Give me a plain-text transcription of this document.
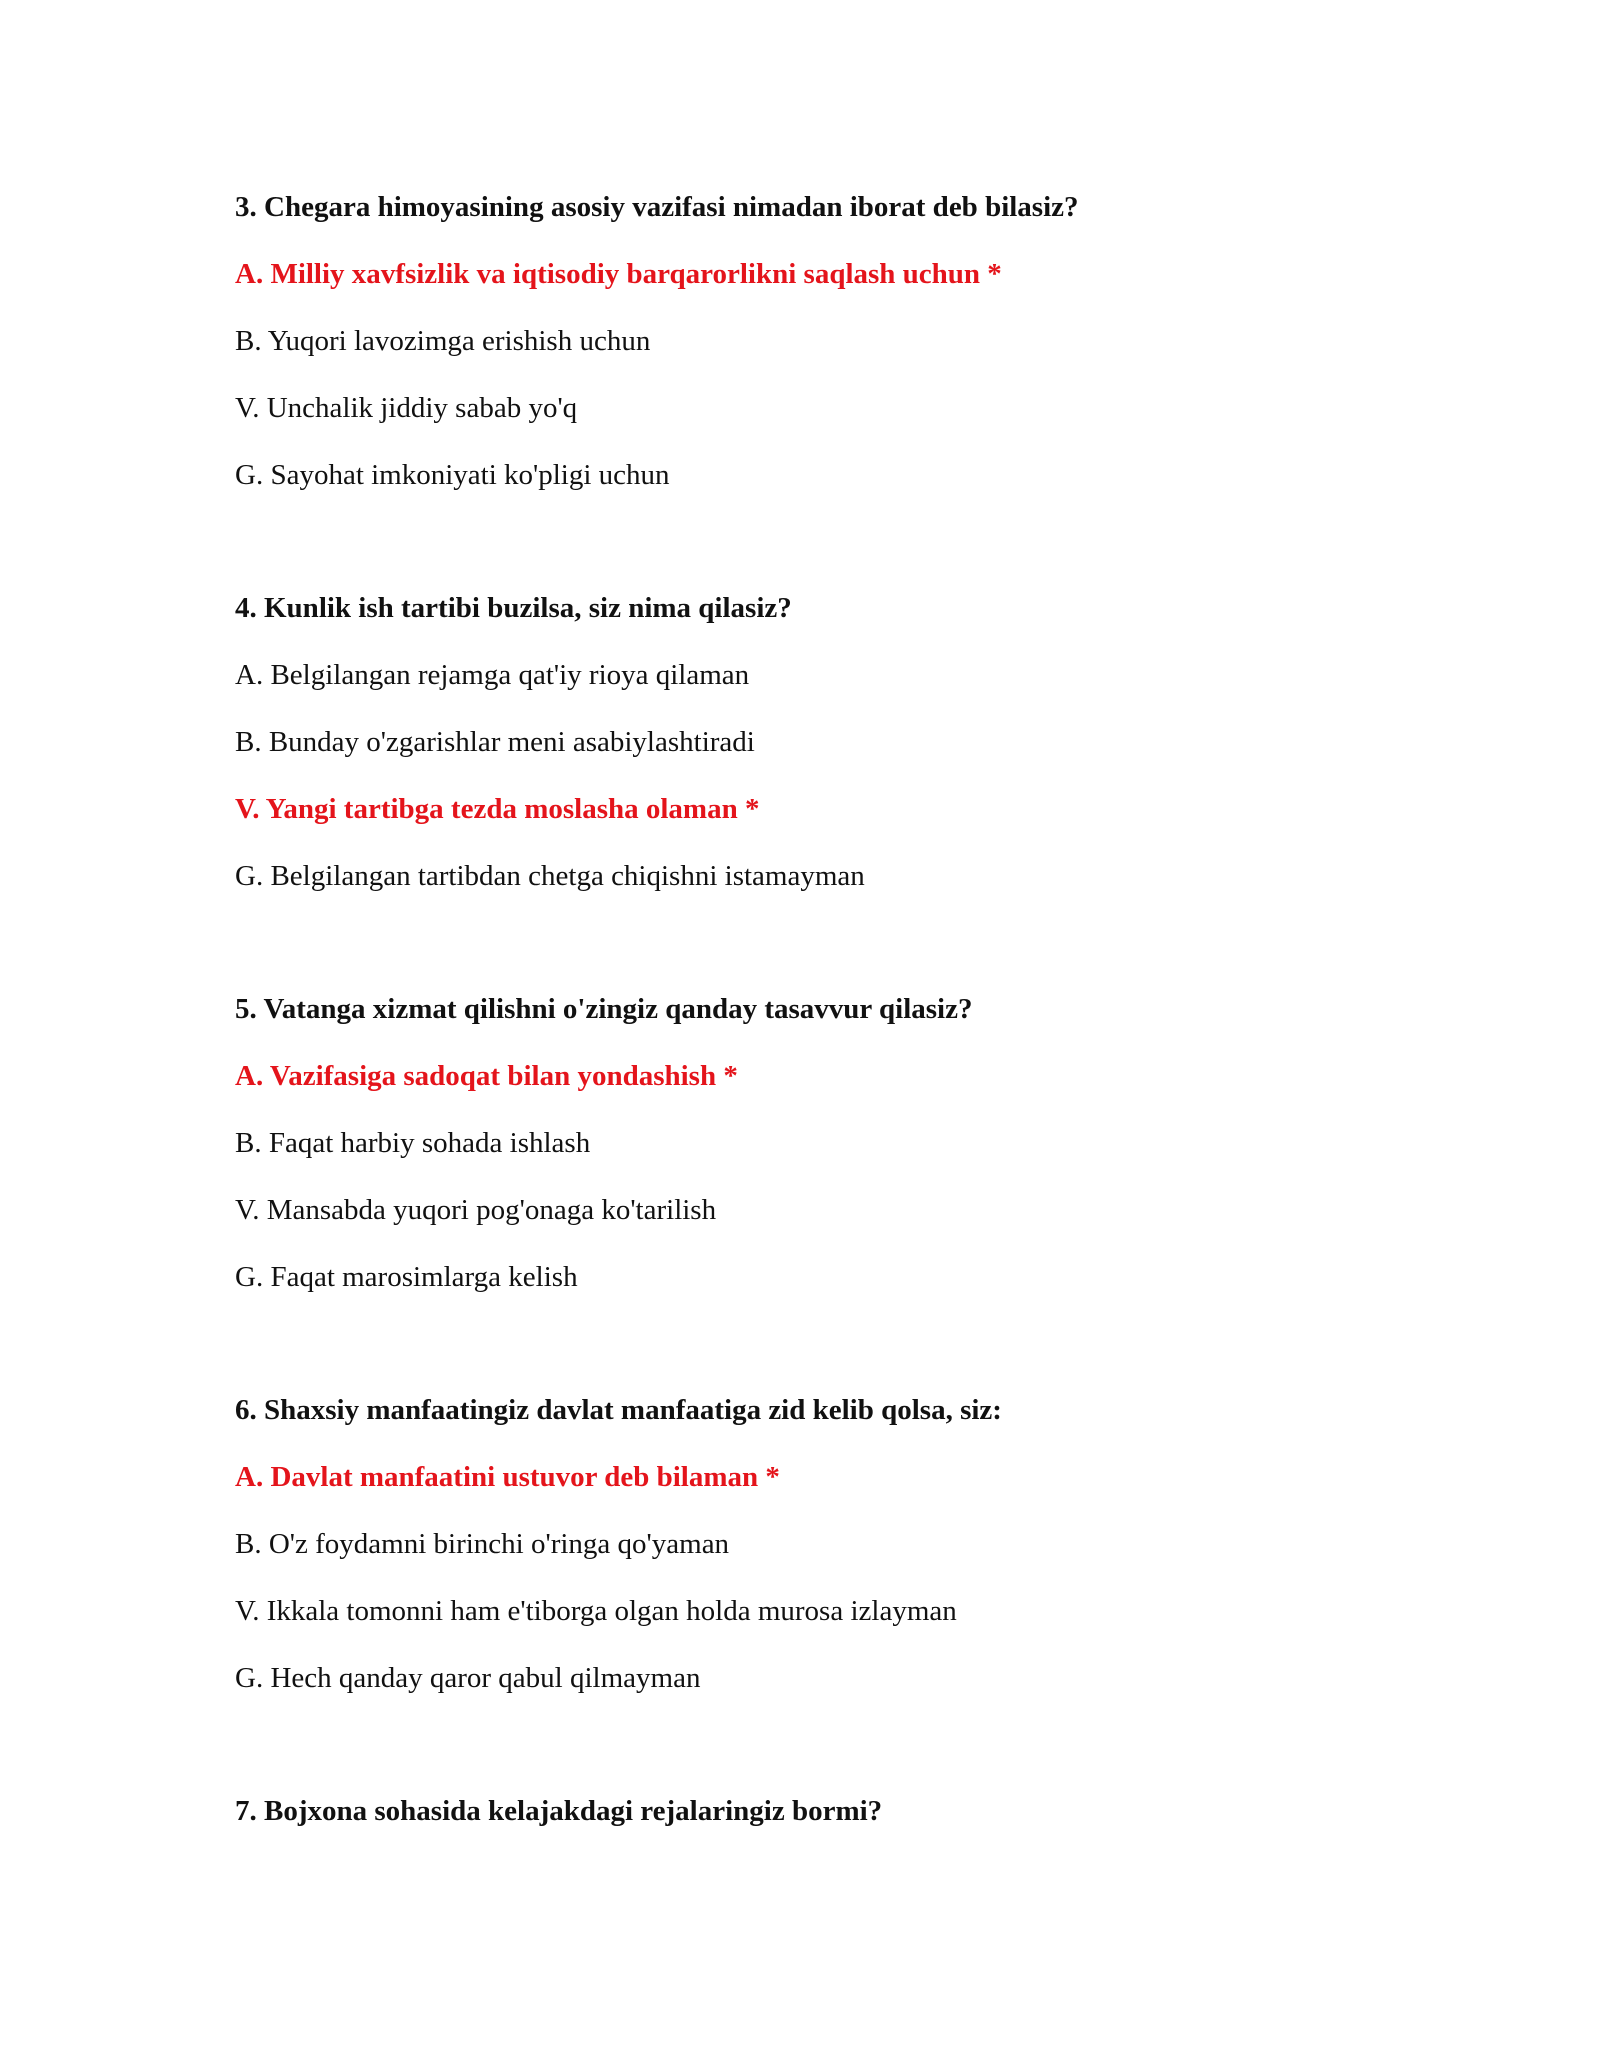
3. Chegara himoyasining asosiy vazifasi nimadan iborat deb bilasiz?

A. Milliy xavfsizlik va iqtisodiy barqarorlikni saqlash uchun *
B. Yuqori lavozimga erishish uchun
V. Unchalik jiddiy sabab yo'q
G. Sayohat imkoniyati ko'pligi uchun

4. Kunlik ish tartibi buzilsa, siz nima qilasiz?

A. Belgilangan rejamga qat'iy rioya qilaman
B. Bunday o'zgarishlar meni asabiylashtiradi
V. Yangi tartibga tezda moslasha olaman *
G. Belgilangan tartibdan chetga chiqishni istamayman

5. Vatanga xizmat qilishni o'zingiz qanday tasavvur qilasiz?

A. Vazifasiga sadoqat bilan yondashish *
B. Faqat harbiy sohada ishlash
V. Mansabda yuqori pog'onaga ko'tarilish
G. Faqat marosimlarga kelish

6. Shaxsiy manfaatingiz davlat manfaatiga zid kelib qolsa, siz:

A. Davlat manfaatini ustuvor deb bilaman *
B. O'z foydamni birinchi o'ringa qo'yaman
V. Ikkala tomonni ham e'tiborga olgan holda murosa izlayman
G. Hech qanday qaror qabul qilmayman

7. Bojxona sohasida kelajakdagi rejalaringiz bormi?
